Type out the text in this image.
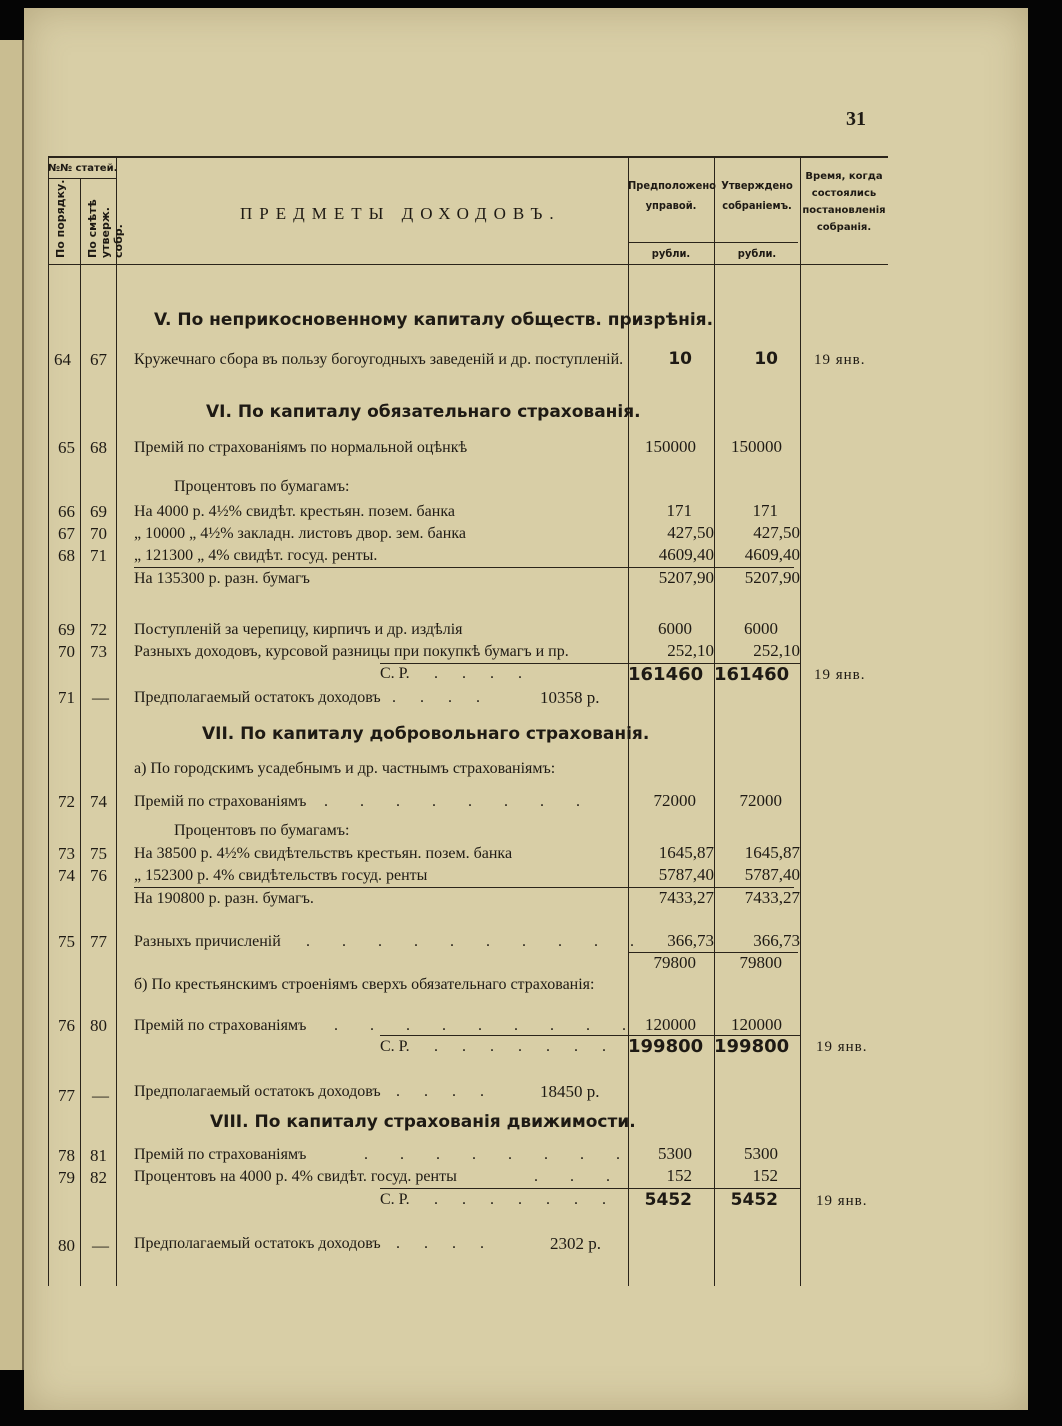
31
№№ статей.
По порядку. По смѣтѣ утверж. собр.
ПРЕДМЕТЫ ДОХОДОВЪ.
Предположено
управой.
Утверждено
собраніемъ.
рубли.	рубли.
Время, когда
состоялись
постановленія
собранія.
V. По неприкосновенному капиталу обществ. призрѣнія.
64 67 Кружечнаго сбора въ пользу богоугодныхъ заведеній и др. поступленій.	10	10 19 янв.
VI. По капиталу обязательнаго страхованія.
65 68 Премій по страхованіямъ по нормальной оцѣнкѣ	150000	150000
Процентовъ по бумагамъ:
66 69 На 4000 р. 4½% свидѣт. крестьян. позем. банка	171	171
67 70 „ 10000 „ 4½% закладн. листовъ двор. зем. банка	427,50	427,50
68 71 „ 121300 „ 4% свидѣт. госуд. ренты.	4609,40	4609,40
На 135300 р. разн. бумагъ	5207,90	5207,90
69 72 Поступленій за черепицу, кирпичъ и др. издѣлія	6000	6000
70 73 Разныхъ доходовъ, курсовой разницы при покупкѣ бумагъ и пр.	252,10	252,10
С. Р. . . . .	161460 161460 19 янв.
71 — Предполагаемый остатокъ доходовъ . . . .	10358 р.
VII. По капиталу добровольнаго страхованія.
а) По городскимъ усадебнымъ и др. частнымъ страхованіямъ:
72 74 Премій по страхованіямъ . . . . . . . .	72000	72000
Процентовъ по бумагамъ:
73 75 На 38500 р. 4½% свидѣтельствъ крестьян. позем. банка	1645,87	1645,87
74 76 „ 152300 р. 4% свидѣтельствъ госуд. ренты	5787,40	5787,40
На 190800 р. разн. бумагъ.	7433,27	7433,27
75 77 Разныхъ причисленій . . . . . . . . . .	366,73	366,73
79800	79800
б) По крестьянскимъ строеніямъ сверхъ обязательнаго страхованія:
76 80 Премій по страхованіямъ . . . . . . . . . 120000	120000
С. Р. . . . . . . . 199800 199800 19 янв.
77 — Предполагаемый остатокъ доходовъ . . . .	18450 р.
VIII. По капиталу страхованія движимости.
78 81 Премій по страхованіямъ	. . . . . . . .	5300	5300
79 82 Процентовъ на 4000 р. 4% свидѣт. госуд. ренты	. . .	152	152
С. Р. . . . . . . .	5452	5452	19 янв.
80 — Предполагаемый остатокъ доходовъ . . . .	2302 р.
